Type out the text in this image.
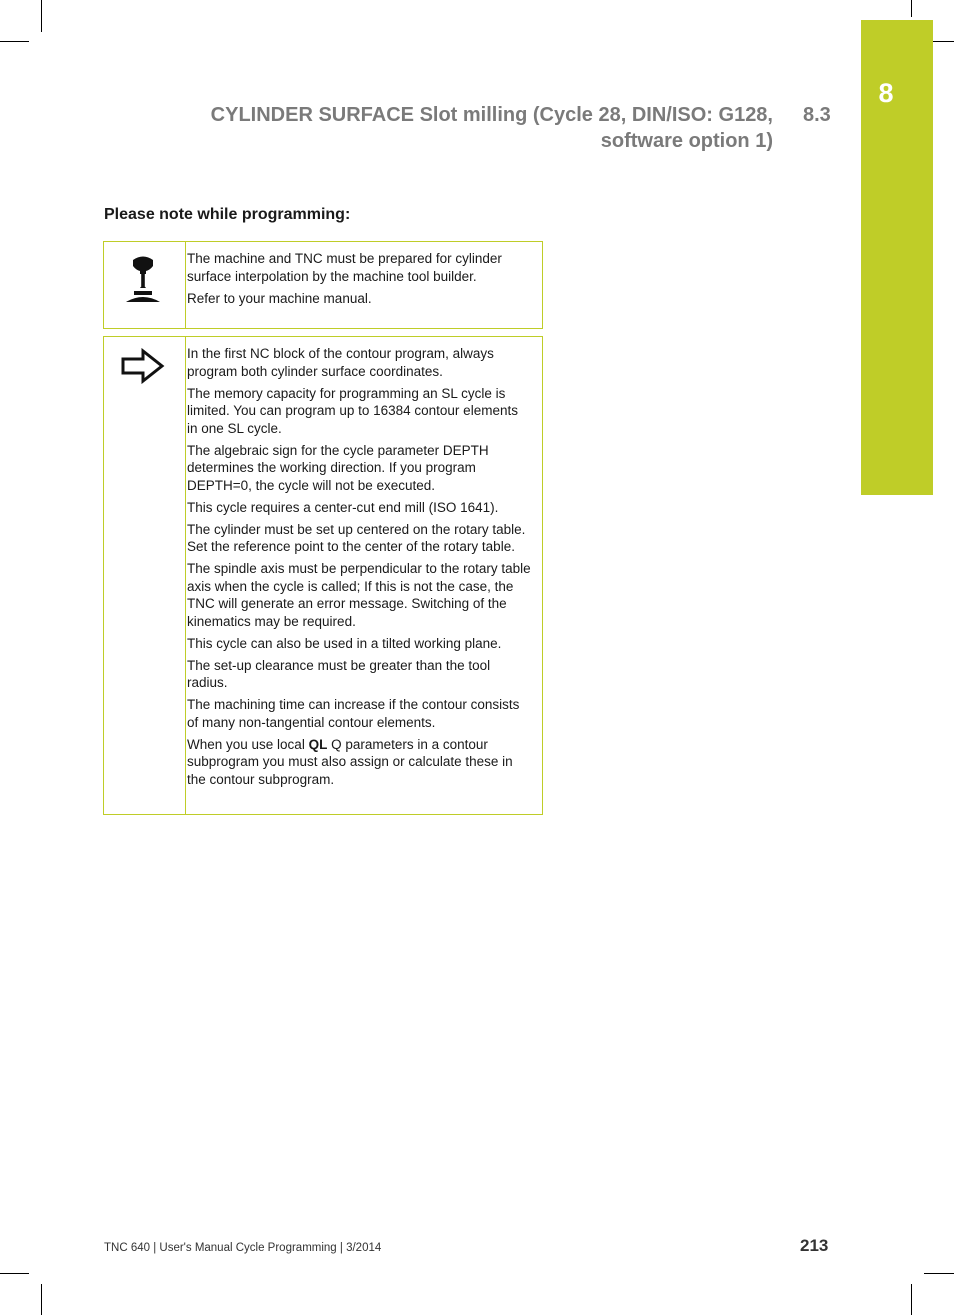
8
CYLINDER SURFACE Slot milling (Cycle 28, DIN/ISO: G128,
software option 1)
8.3
Please note while programming:

The machine and TNC must be prepared for cylinder surface interpolation by the machine tool builder.

Refer to your machine manual.

In the first NC block of the contour program, always program both cylinder surface coordinates.

The memory capacity for programming an SL cycle is limited. You can program up to 16384 contour elements in one SL cycle.

The algebraic sign for the cycle parameter DEPTH determines the working direction. If you program DEPTH=0, the cycle will not be executed.

This cycle requires a center-cut end mill (ISO 1641).

The cylinder must be set up centered on the rotary table. Set the reference point to the center of the rotary table.

The spindle axis must be perpendicular to the rotary table axis when the cycle is called; If this is not the case, the TNC will generate an error message. Switching of the kinematics may be required.

This cycle can also be used in a tilted working plane.

The set-up clearance must be greater than the tool radius.

The machining time can increase if the contour consists of many non-tangential contour elements.

When you use local QL Q parameters in a contour subprogram you must also assign or calculate these in the contour subprogram.

TNC 640 | User's Manual Cycle Programming | 3/2014	213
